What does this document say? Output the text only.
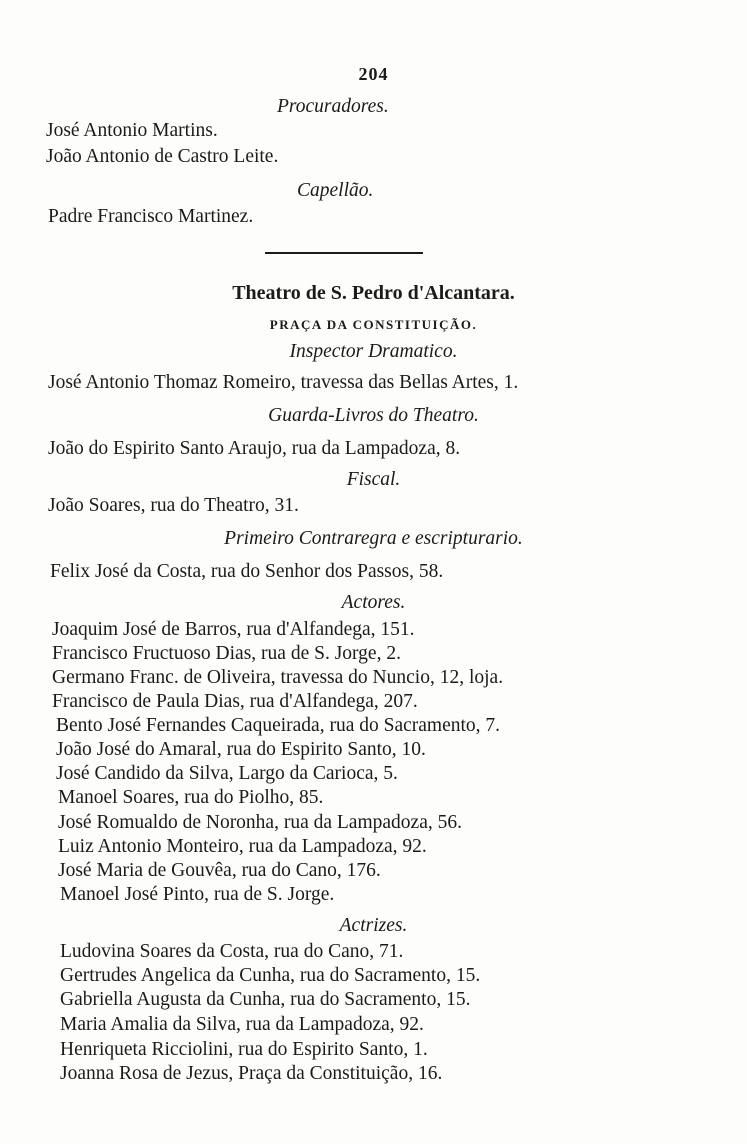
204
Procuradores.
José Antonio Martins.
João Antonio de Castro Leite.
Capellão.
Padre Francisco Martinez.
Theatro de S. Pedro d'Alcantara.
PRAÇA DA CONSTITUIÇÃO.
Inspector Dramatico.
José Antonio Thomaz Romeiro, travessa das Bellas Artes, 1.
Guarda-Livros do Theatro.
João do Espirito Santo Araujo, rua da Lampadoza, 8.
Fiscal.
João Soares, rua do Theatro, 31.
Primeiro Contraregra e escripturario.
Felix José da Costa, rua do Senhor dos Passos, 58.
Actores.
Joaquim José de Barros, rua d'Alfandega, 151.
Francisco Fructuoso Dias, rua de S. Jorge, 2.
Germano Franc. de Oliveira, travessa do Nuncio, 12, loja.
Francisco de Paula Dias, rua d'Alfandega, 207.
Bento José Fernandes Caqueirada, rua do Sacramento, 7.
João José do Amaral, rua do Espirito Santo, 10.
José Candido da Silva, Largo da Carioca, 5.
Manoel Soares, rua do Piolho, 85.
José Romualdo de Noronha, rua da Lampadoza, 56.
Luiz Antonio Monteiro, rua da Lampadoza, 92.
José Maria de Gouvêa, rua do Cano, 176.
Manoel José Pinto, rua de S. Jorge.
Actrizes.
Ludovina Soares da Costa, rua do Cano, 71.
Gertrudes Angelica da Cunha, rua do Sacramento, 15.
Gabriella Augusta da Cunha, rua do Sacramento, 15.
Maria Amalia da Silva, rua da Lampadoza, 92.
Henriqueta Ricciolini, rua do Espirito Santo, 1.
Joanna Rosa de Jezus, Praça da Constituição, 16.
